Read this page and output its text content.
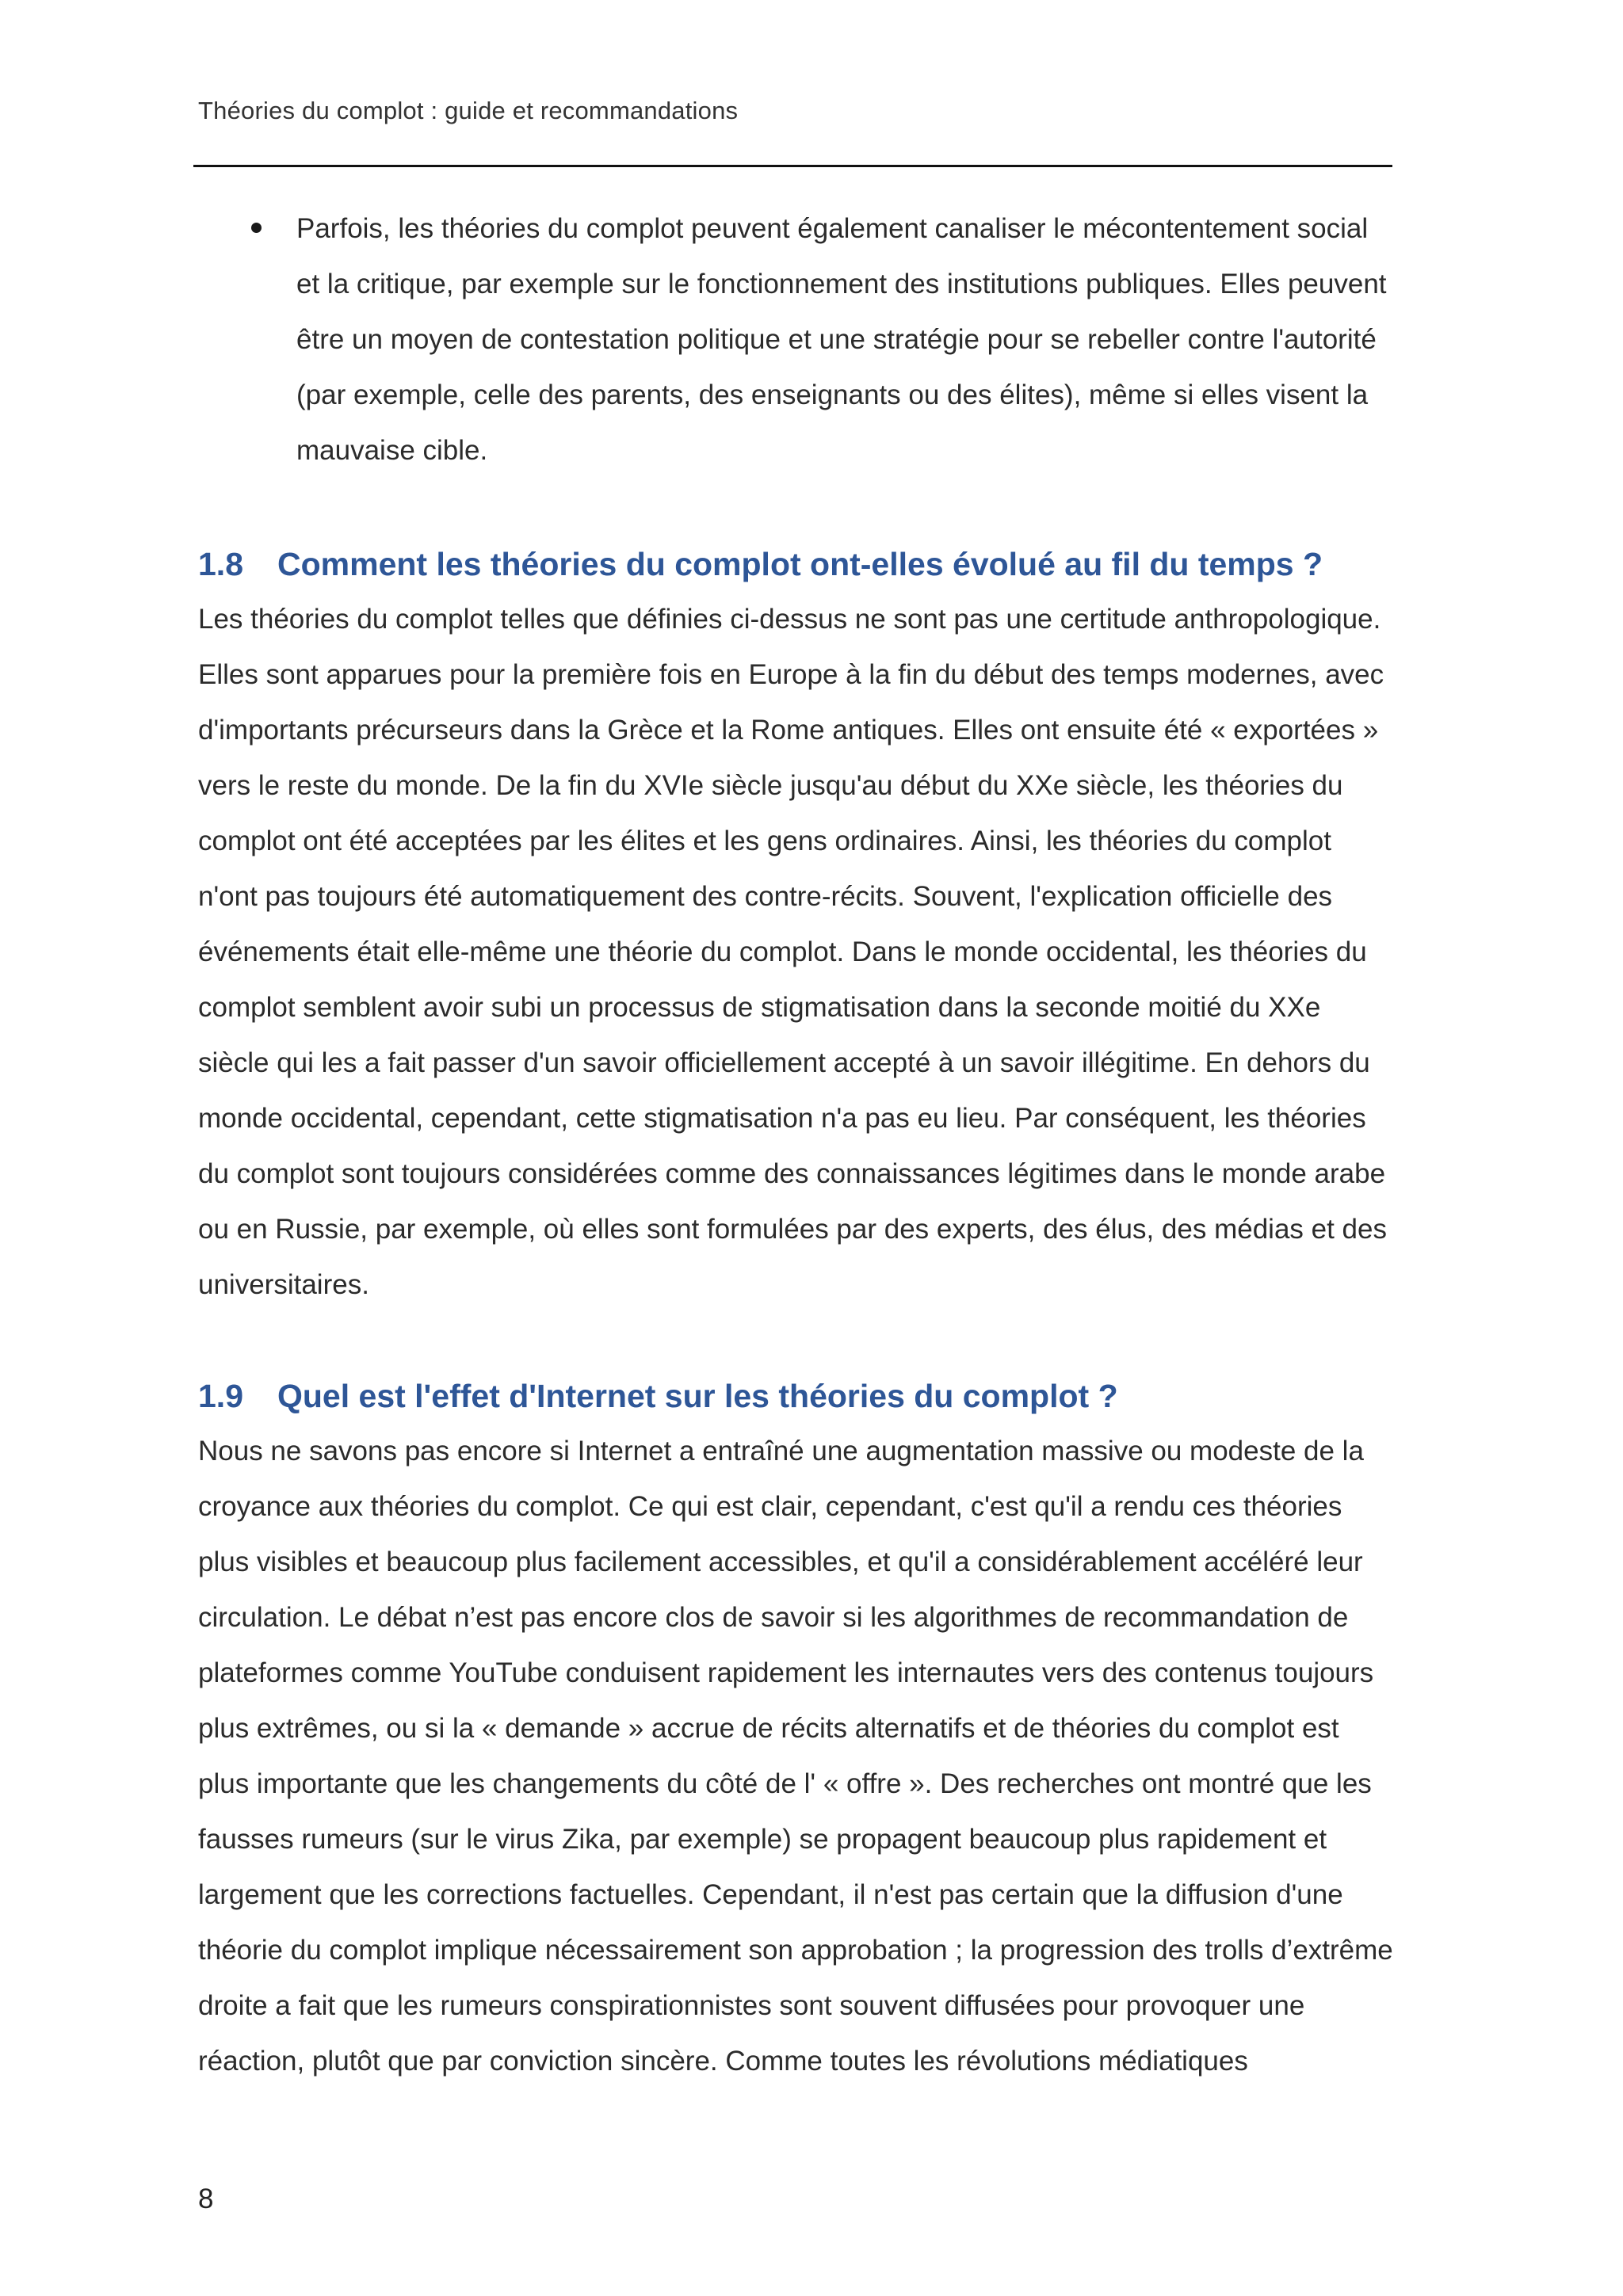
Théories du complot : guide et recommandations

Parfois, les théories du complot peuvent également canaliser le mécontentement social et la critique, par exemple sur le fonctionnement des institutions publiques. Elles peuvent être un moyen de contestation politique et une stratégie pour se rebeller contre l'autorité (par exemple, celle des parents, des enseignants ou des élites), même si elles visent la mauvaise cible.

1.8 Comment les théories du complot ont-elles évolué au fil du temps ?

Les théories du complot telles que définies ci-dessus ne sont pas une certitude anthropologique. Elles sont apparues pour la première fois en Europe à la fin du début des temps modernes, avec d'importants précurseurs dans la Grèce et la Rome antiques. Elles ont ensuite été « exportées » vers le reste du monde. De la fin du XVIe siècle jusqu'au début du XXe siècle, les théories du complot ont été acceptées par les élites et les gens ordinaires. Ainsi, les théories du complot n'ont pas toujours été automatiquement des contre-récits. Souvent, l'explication officielle des événements était elle-même une théorie du complot. Dans le monde occidental, les théories du complot semblent avoir subi un processus de stigmatisation dans la seconde moitié du XXe siècle qui les a fait passer d'un savoir officiellement accepté à un savoir illégitime. En dehors du monde occidental, cependant, cette stigmatisation n'a pas eu lieu. Par conséquent, les théories du complot sont toujours considérées comme des connaissances légitimes dans le monde arabe ou en Russie, par exemple, où elles sont formulées par des experts, des élus, des médias et des universitaires.

1.9 Quel est l'effet d'Internet sur les théories du complot ?

Nous ne savons pas encore si Internet a entraîné une augmentation massive ou modeste de la croyance aux théories du complot. Ce qui est clair, cependant, c'est qu'il a rendu ces théories plus visibles et beaucoup plus facilement accessibles, et qu'il a considérablement accéléré leur circulation. Le débat n’est pas encore clos de savoir si les algorithmes de recommandation de plateformes comme YouTube conduisent rapidement les internautes vers des contenus toujours plus extrêmes, ou si la « demande » accrue de récits alternatifs et de théories du complot est plus importante que les changements du côté de l' « offre ». Des recherches ont montré que les fausses rumeurs (sur le virus Zika, par exemple) se propagent beaucoup plus rapidement et largement que les corrections factuelles. Cependant, il n'est pas certain que la diffusion d'une théorie du complot implique nécessairement son approbation ; la progression des trolls d’extrême droite a fait que les rumeurs conspirationnistes sont souvent diffusées pour provoquer une réaction, plutôt que par conviction sincère. Comme toutes les révolutions médiatiques

8
